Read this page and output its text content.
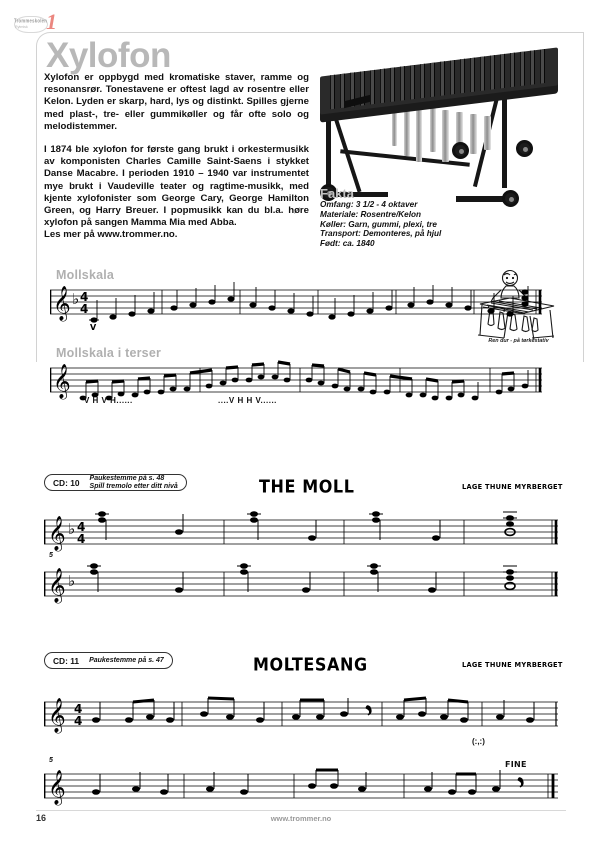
Trommeskolen
Rytmisk 1
Xylofon
Xylofon er oppbygd med kromatiske staver, ramme og resonansrør. Tonestavene er oftest lagd av rosentre eller Kelon. Lyden er skarp, hard, lys og distinkt. Spilles gjerne med plast-, tre- eller gummikøller og får ofte solo og melodistemmer.

I 1874 ble xylofon for første gang brukt i orkestermusikk av komponisten Charles Camille Saint-Saens i stykket Danse Macabre. I perioden 1910 – 1940 var instrumentet mye brukt i Vaudeville teater og ragtime-musikk, med kjente xylofonister som George Cary, George Hamilton Green, og Harry Breuer. I popmusikk kan du bl.a. høre xylofon på sangen Mamma Mia med Abba.

Les mer på www.trommer.no.

Fakta
Omfang: 3 1/2 - 4 oktaver
Materiale: Rosentre/Kelon
Køller: Garn, gummi, plexi, tre
Transport: Demonteres, på hjul
Født: ca. 1840
Ren dur - på tørkestativ
Mollskala
𝄞 ♭ 4
4
V
Mollskala i terser
𝄞
V H V H......	....V H H V......
CD: 10 Paukestemme på s. 48
Spill tremolo etter ditt nivå	THE MOLL	LAGE THUNE MYRBERGET
𝄞 ♭ 4
4
5
𝄞 ♭
CD: 11 Paukestemme på s. 47	MOLTESANG	LAGE THUNE MYRBERGET
𝄞 4
4
(:,:)
FINE
5
𝄞
16	www.trommer.no
